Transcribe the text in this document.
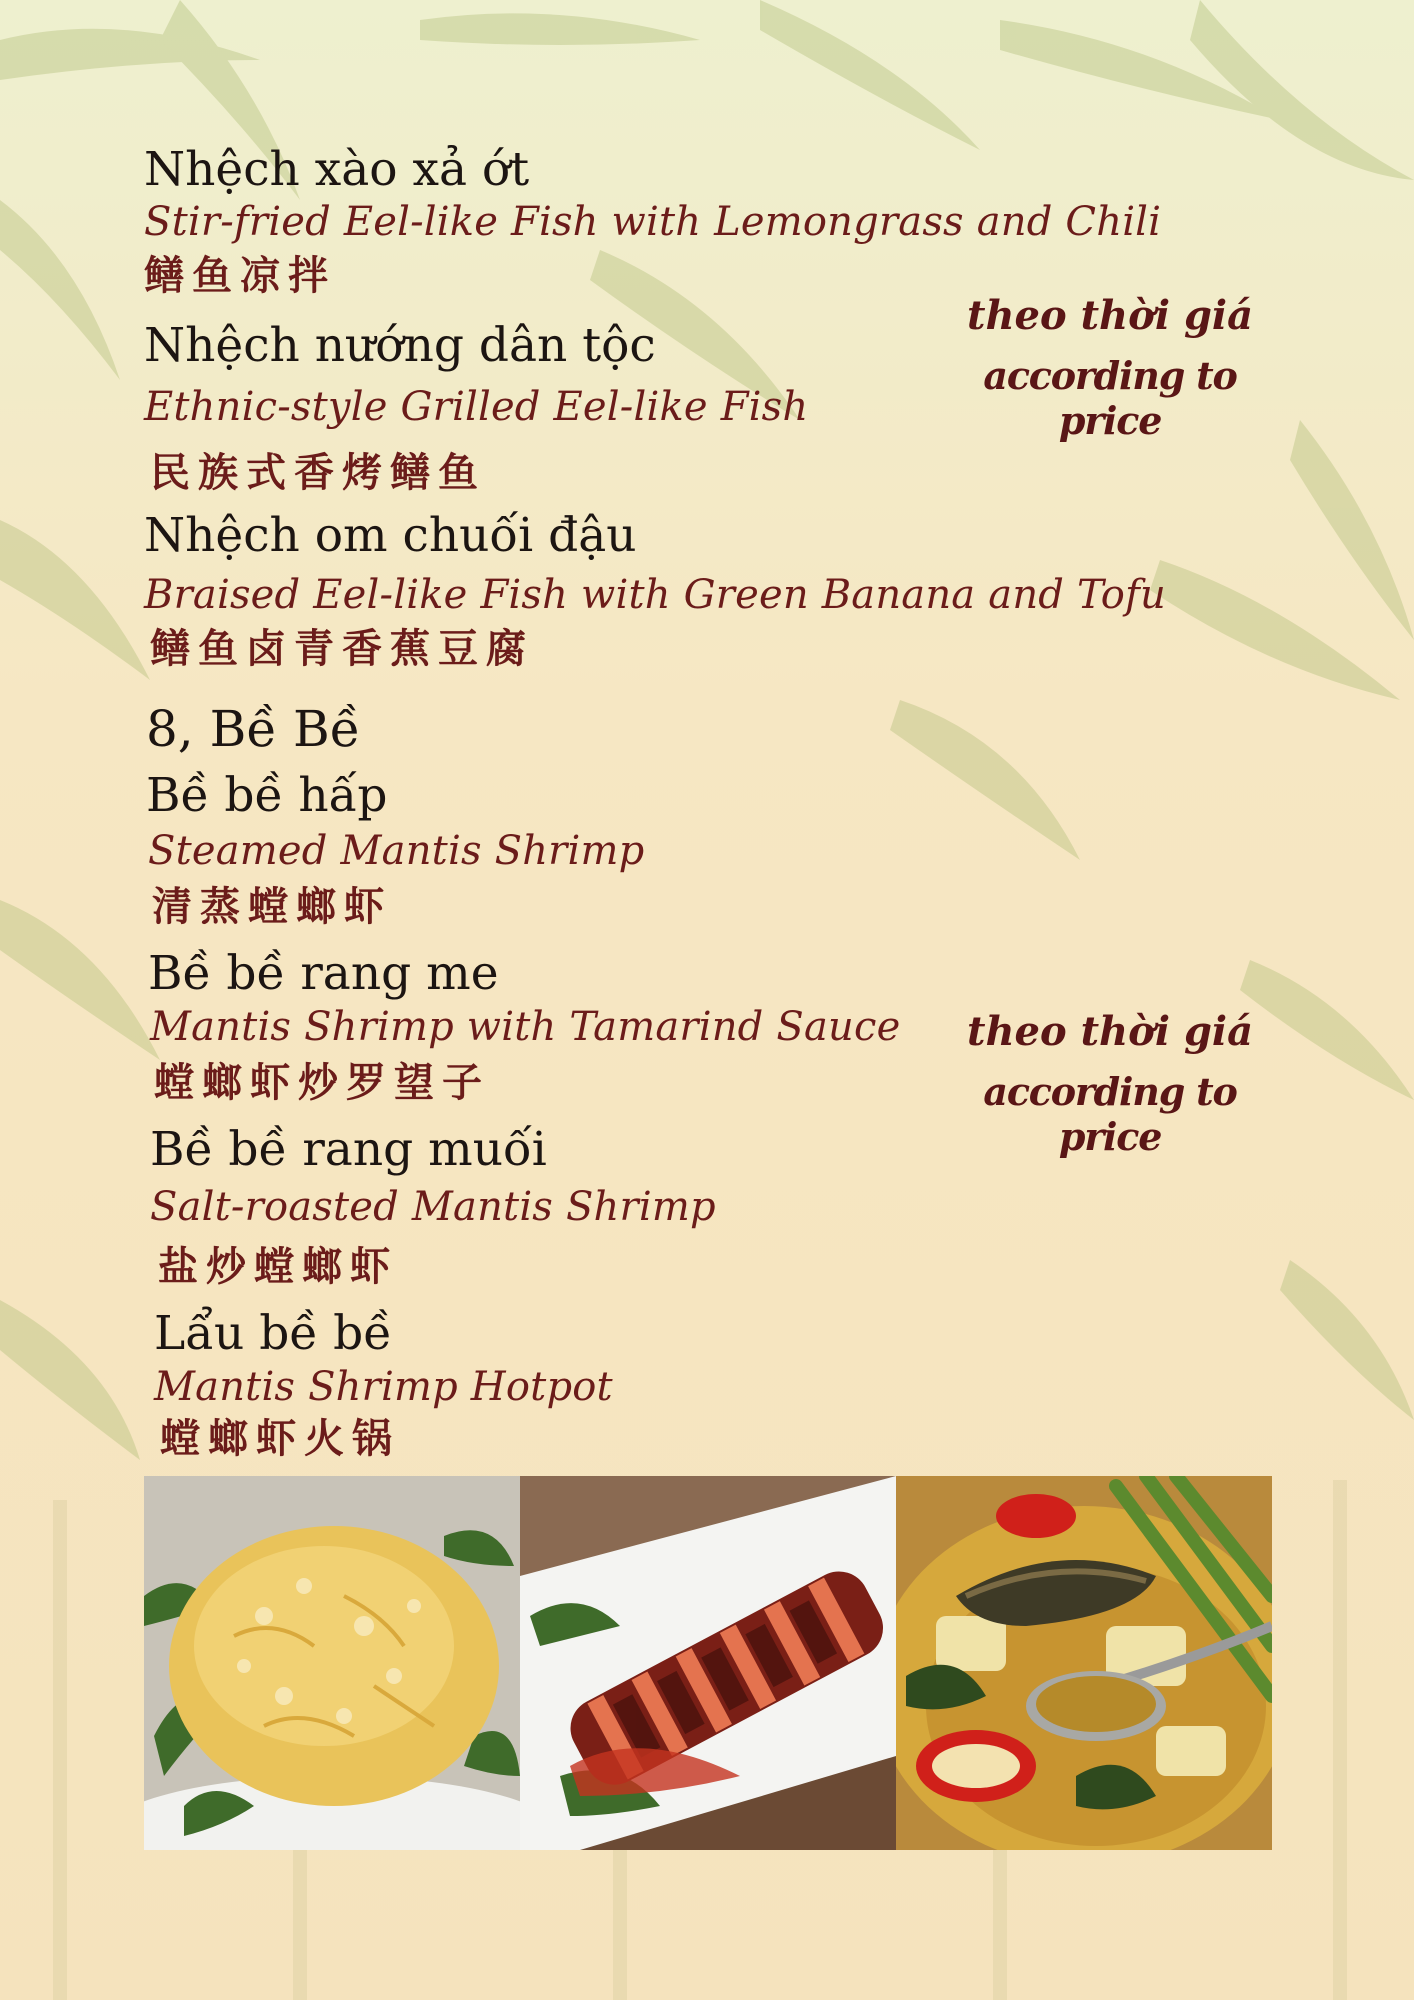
Nhệch xào xả ớt
Stir-fried Eel-like Fish with Lemongrass and Chili
鳝鱼凉拌
Nhệch nướng dân tộc
Ethnic-style Grilled Eel-like Fish
民族式香烤鳝鱼
Nhệch om chuối đậu
Braised Eel-like Fish with Green Banana and Tofu
鳝鱼卤青香蕉豆腐
theo thời giá
according to price
8, Bề Bề
Bề bề hấp
Steamed Mantis Shrimp
清蒸螳螂虾
Bề bề rang me
Mantis Shrimp with Tamarind Sauce
螳螂虾炒罗望子
Bề bề rang muối
Salt-roasted Mantis Shrimp
盐炒螳螂虾
Lẩu bề bề
Mantis Shrimp Hotpot
螳螂虾火锅
theo thời giá
according to price
